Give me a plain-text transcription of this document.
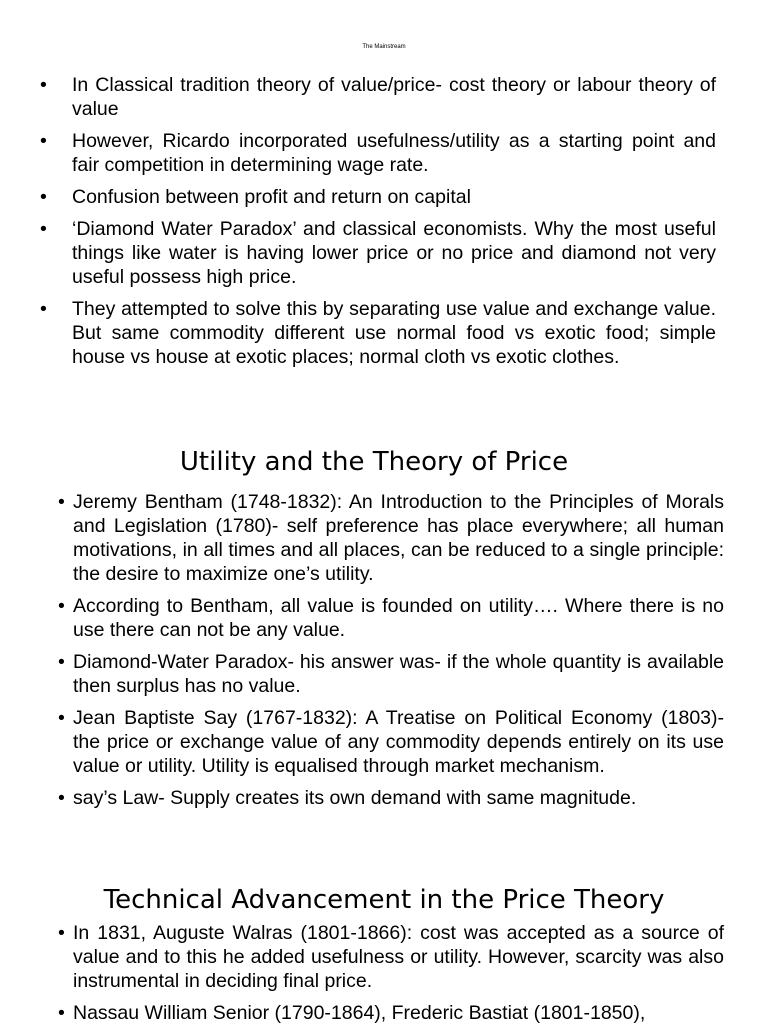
The Mainstream
• In Classical tradition theory of value/price- cost theory or labour theory of value
• However, Ricardo incorporated usefulness/utility as a starting point and fair competition in determining wage rate.
• Confusion between profit and return on capital
• ‘Diamond Water Paradox’ and classical economists. Why the most useful things like water is having lower price or no price and diamond not very useful possess high price.
• They attempted to solve this by separating use value and exchange value. But same commodity different use normal food vs exotic food; simple house vs house at exotic places; normal cloth vs exotic clothes.
Utility and the Theory of Price
• Jeremy Bentham (1748-1832): An Introduction to the Principles of Morals and Legislation (1780)- self preference has place everywhere; all human motivations, in all times and all places, can be reduced to a single principle: the desire to maximize one’s utility.
• According to Bentham, all value is founded on utility…. Where there is no use there can not be any value.
• Diamond-Water Paradox- his answer was- if the whole quantity is available then surplus has no value.
• Jean Baptiste Say (1767-1832): A Treatise on Political Economy (1803)- the price or exchange value of any commodity depends entirely on its use value or utility. Utility is equalised through market mechanism.
• say’s Law- Supply creates its own demand with same magnitude.
Technical Advancement in the Price Theory
• In 1831, Auguste Walras (1801-1866): cost was accepted as a source of value and to this he added usefulness or utility. However, scarcity was also instrumental in deciding final price.
• Nassau William Senior (1790-1864), Frederic Bastiat (1801-1850),
